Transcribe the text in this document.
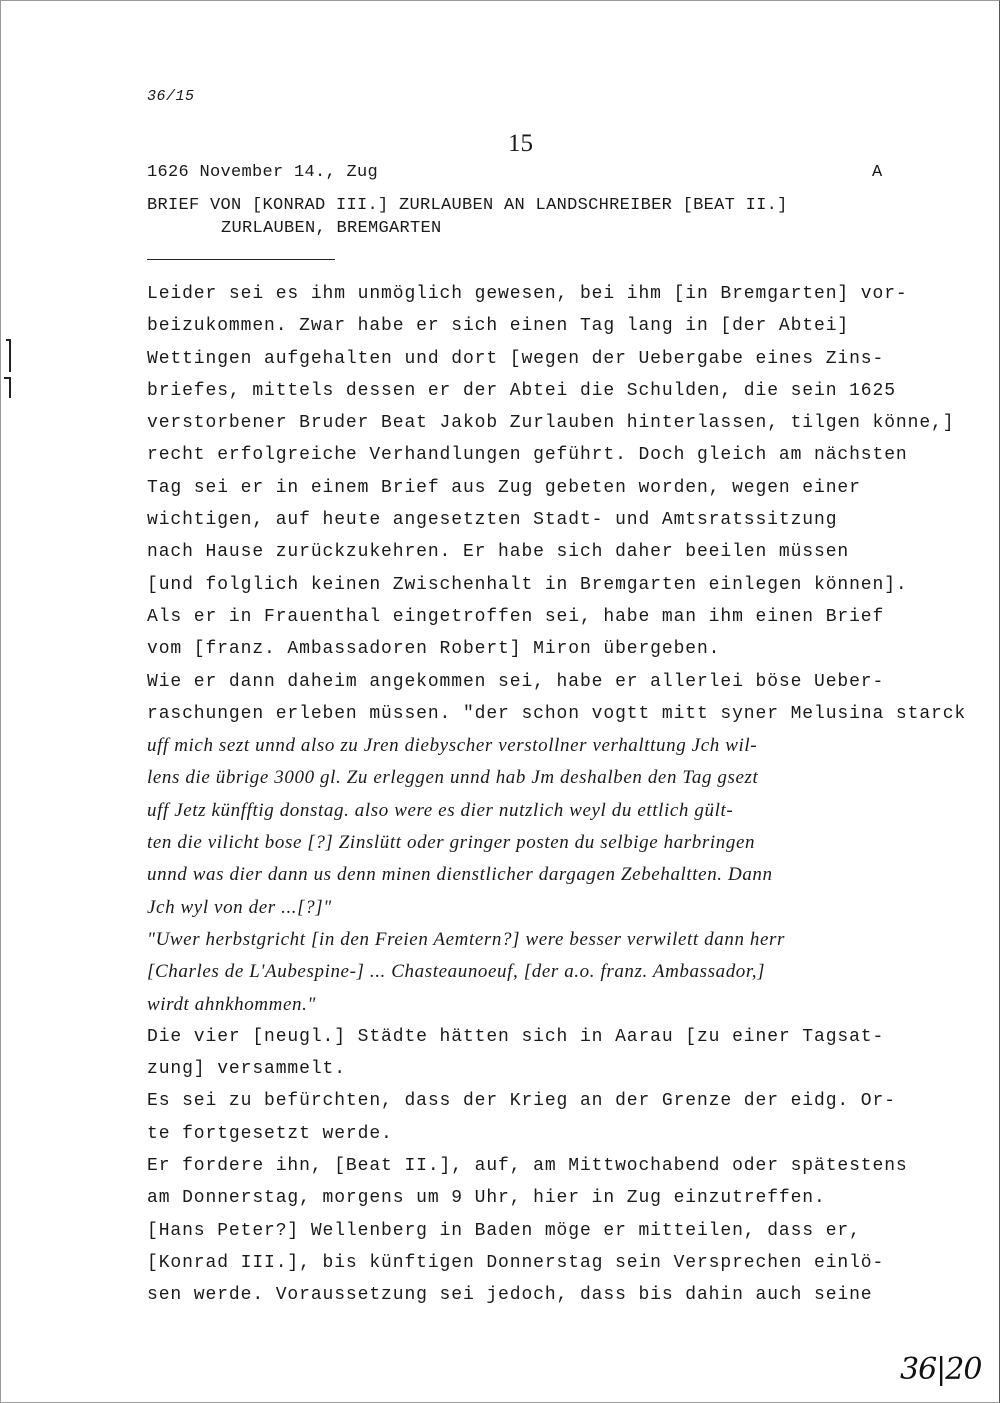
36/15
15
1626 November 14., Zug	A
BRIEF VON [KONRAD III.] ZURLAUBEN AN LANDSCHREIBER [BEAT II.]
ZURLAUBEN, BREMGARTEN
Leider sei es ihm unmöglich gewesen, bei ihm [in Bremgarten] vor-
beizukommen. Zwar habe er sich einen Tag lang in [der Abtei]
Wettingen aufgehalten und dort [wegen der Uebergabe eines Zins-
briefes, mittels dessen er der Abtei die Schulden, die sein 1625
verstorbener Bruder Beat Jakob Zurlauben hinterlassen, tilgen könne,]
recht erfolgreiche Verhandlungen geführt. Doch gleich am nächsten
Tag sei er in einem Brief aus Zug gebeten worden, wegen einer
wichtigen, auf heute angesetzten Stadt- und Amtsratssitzung
nach Hause zurückzukehren. Er habe sich daher beeilen müssen
[und folglich keinen Zwischenhalt in Bremgarten einlegen können].
Als er in Frauenthal eingetroffen sei, habe man ihm einen Brief
vom [franz. Ambassadoren Robert] Miron übergeben.
Wie er dann daheim angekommen sei, habe er allerlei böse Ueber-
raschungen erleben müssen. "der schon vogtt mitt syner Melusina starck
uff mich sezt unnd also zu Jren diebyscher verstollner verhalttung Jch wil-
lens die übrige 3000 gl. Zu erleggen unnd hab Jm deshalben den Tag gsezt
uff Jetz künfftig donstag. also were es dier nutzlich weyl du ettlich gült-
ten die vilicht bose [?] Zinslütt oder gringer posten du selbige harbringen
unnd was dier dann us denn minen dienstlicher dargagen Zebehaltten. Dann
Jch wyl von der ...[?]"
"Uwer herbstgricht [in den Freien Aemtern?] were besser verwilett dann herr
[Charles de L'Aubespine-] ... Chasteaunoeuf, [der a.o. franz. Ambassador,]
wirdt ahnkhommen."
Die vier [neugl.] Städte hätten sich in Aarau [zu einer Tagsat-
zung] versammelt.
Es sei zu befürchten, dass der Krieg an der Grenze der eidg. Or-
te fortgesetzt werde.
Er fordere ihn, [Beat II.], auf, am Mittwochabend oder spätestens
am Donnerstag, morgens um 9 Uhr, hier in Zug einzutreffen.
[Hans Peter?] Wellenberg in Baden möge er mitteilen, dass er,
[Konrad III.], bis künftigen Donnerstag sein Versprechen einlö-
sen werde. Voraussetzung sei jedoch, dass bis dahin auch seine
36|20
